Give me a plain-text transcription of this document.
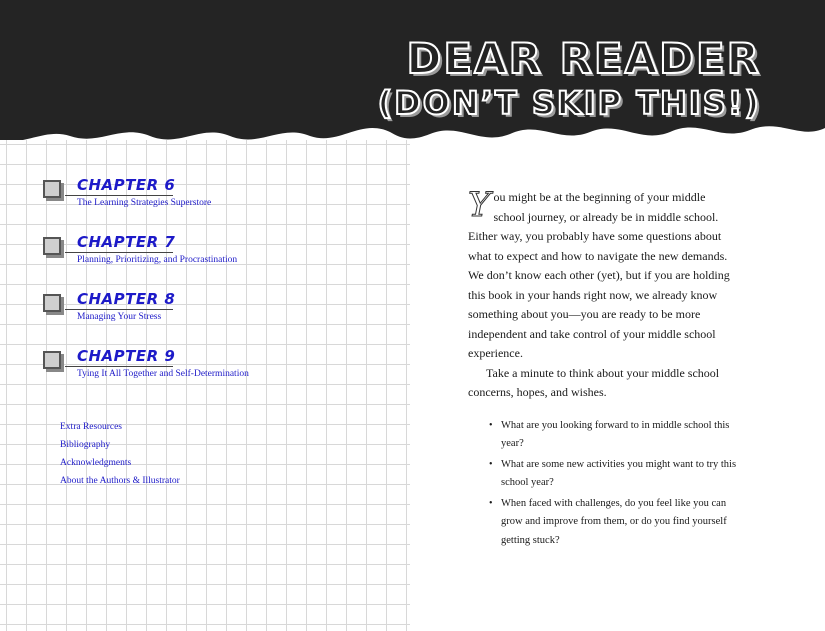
DEAR READER
(DON’T SKIP THIS!)
CHAPTER 6
The Learning Strategies Superstore
CHAPTER 7
Planning, Prioritizing, and Procrastination
CHAPTER 8
Managing Your Stress
CHAPTER 9
Tying It All Together and Self-Determination
Extra Resources
Bibliography
Acknowledgments
About the Authors & Illustrator

You might be at the beginning of your middle school journey, or already be in middle school. Either way, you probably have some questions about what to expect and how to navigate the new demands. We don’t know each other (yet), but if you are holding this book in your hands right now, we already know something about you—you are ready to be more independent and take control of your middle school experience.

Take a minute to think about your middle school concerns, hopes, and wishes.

• What are you looking forward to in middle school this year?
• What are some new activities you might want to try this school year?
• When faced with challenges, do you feel like you can grow and improve from them, or do you find yourself getting stuck?
